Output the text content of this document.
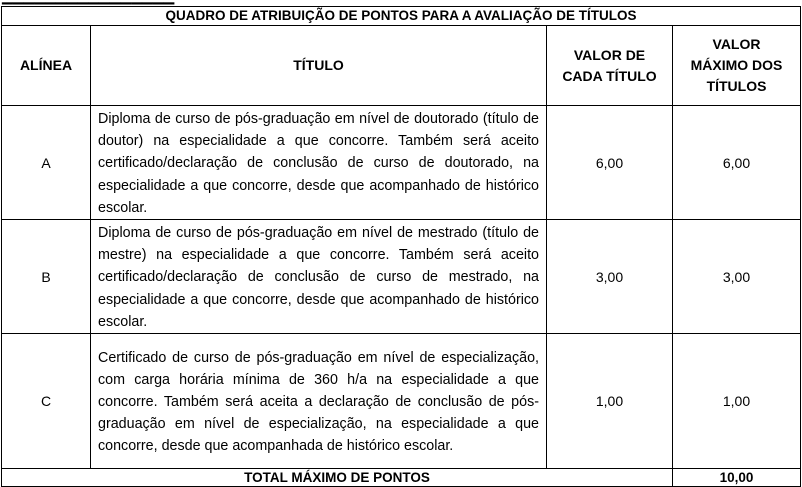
QUADRO DE ATRIBUIÇÃO DE PONTOS PARA A AVALIAÇÃO DE TÍTULOS			
ALÍNEA	TÍTULO	VALOR DE CADA TÍTULO	VALOR MÁXIMO DOS TÍTULOS
A	Diploma de curso de pós-graduação em nível de doutorado (título de doutor) na especialidade a que concorre. Também será aceito certificado/declaração de conclusão de curso de doutorado, na especialidade a que concorre, desde que acompanhado de histórico escolar.	6,00	6,00
B	Diploma de curso de pós-graduação em nível de mestrado (título de mestre) na especialidade a que concorre. Também será aceito certificado/declaração de conclusão de curso de mestrado, na especialidade a que concorre, desde que acompanhado de histórico escolar.	3,00	3,00
C	Certificado de curso de pós-graduação em nível de especialização, com carga horária mínima de 360 h/a na especialidade a que concorre. Também será aceita a declaração de conclusão de pós-graduação em nível de especialização, na especialidade a que concorre, desde que acompanhada de histórico escolar.	1,00	1,00
TOTAL MÁXIMO DE PONTOS			10,00
